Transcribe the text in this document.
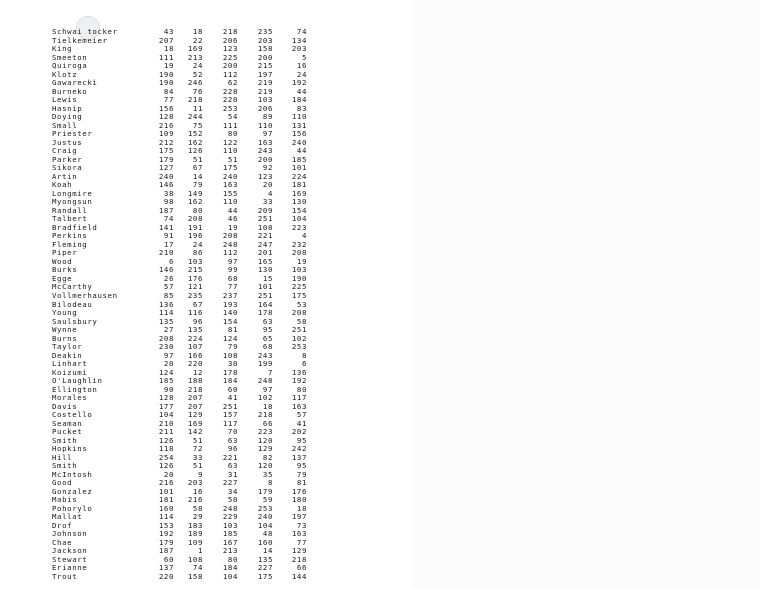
Schwai tocker	43	18	218	235	74
Tielkemeier	207	22	206	203	134
King	18	169	123	158	203
Smeeton	111	213	225	200	5
Quiroga	19	24	200	215	16
Klotz	190	52	112	197	24
Gawarecki	190	246	62	219	192
Burneko	84	76	228	219	44
Lewis	77	218	220	103	184
Hasnip	156	11	253	206	83
Doying	128	244	54	89	110
Small	216	75	111	110	131
Priester	109	152	80	97	156
Justus	212	162	122	163	240
Craig	175	126	110	243	44
Parker	179	51	51	200	185
Sikora	127	67	175	92	101
Artin	240	14	240	123	224
Koah	146	79	163	20	181
Longmire	38	149	155	4	169
Myongsun	98	162	110	33	130
Randall	187	80	44	209	154
Talbert	74	208	46	251	104
Bradfield	141	191	19	108	223
Perkins	91	196	208	221	4
Fleming	17	24	248	247	232
Piper	210	86	112	201	208
Wood	6	103	97	165	19
Burks	146	215	99	130	103
Egge	26	176	68	15	190
McCarthy	57	121	77	101	225
Vollmerhausen	85	235	237	251	175
Bilodeau	136	67	193	164	53
Young	114	116	140	178	208
Saulsbury	135	96	154	63	58
Wynne	27	135	81	95	251
Burns	208	224	124	65	102
Taylor	230	107	79	68	253
Deakin	97	166	108	243	8
Linhart	20	220	30	199	6
Koizumi	124	12	178	7	136
O'Laughlin	185	188	184	248	192
Ellington	90	218	60	97	80
Morales	128	207	41	102	117
Davis	177	207	251	18	163
Costello	104	129	157	218	57
Seaman	210	169	117	66	41
Pucket	211	142	70	223	202
Smith	126	51	63	120	95
Hopkins	118	72	96	129	242
Hill	254	33	221	82	137
Smith	126	51	63	120	95
McIntosh	20	9	31	35	79
Good	216	203	227	8	81
Gonzalez	101	16	34	179	176
Mabis	181	216	50	59	180
Pohorylo	160	58	248	253	18
Mallat	114	29	229	240	197
Drof	153	183	103	104	73
Johnson	192	189	185	48	163
Chae	179	109	167	160	77
Jackson	187	1	213	14	129
Stewart	60	108	80	135	218
Erianne	137	74	184	227	66
Trout	220	158	104	175	144
